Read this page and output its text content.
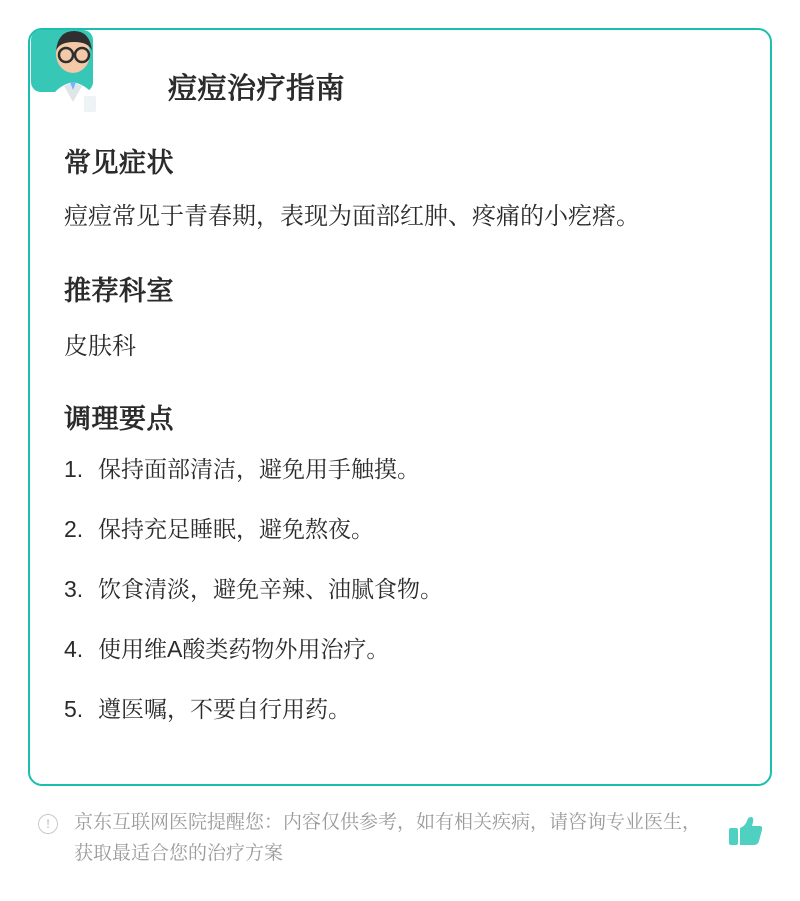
痘痘治疗指南
常见症状

痘痘常见于青春期，表现为面部红肿、疼痛的小疙瘩。

推荐科室

皮肤科

调理要点
1. 保持面部清洁，避免用手触摸。
2. 保持充足睡眠，避免熬夜。
3. 饮食清淡，避免辛辣、油腻食物。
4. 使用维A酸类药物外用治疗。
5. 遵医嘱，不要自行用药。
!	京东互联网医院提醒您：内容仅供参考，如有相关疾病，请咨询专业医生，获取最适合您的治疗方案
